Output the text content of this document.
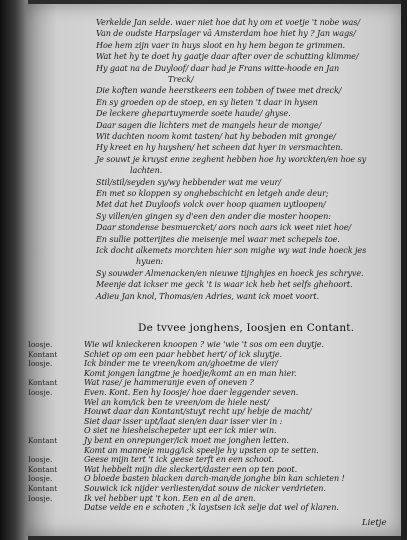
Verkelde Jan selde. waer niet hoe dat hy om et voetje 't nobe was/

Van de oudste Harpslager vā Amsterdam hoe hiet hy ? Jan wags/

Hoe hem zijn vaer in huys sloot en hy hem begon te grimmen.

Wat het hy te doet hy gaatje daar after over de schutting klimme/

Hy gaat na de Duyloof/ daar had je Frans witte-hoode en Jan

Treck/

Die koften wande heerstkeers een tobben of twee met dreck/

En sy groeden op de stoep, en sy lieten 't daar in hysen

De leckere ghepartuymerde soete haude/ ghyse.

Daar sagen die lichters met de mangels heur de monge/

Wit dachten noom komt tasten/ hat hy beboden mit gronge/

Hy kreet en hy huyshen/ het scheen dat hyer in versmachten.

Je souwt je kruyst enne zeghent hebben hoe hy worckten/en hoe sy

lachten.

Stil/stil/seyden sy/wy hebbender wat me veur/

En met so kloppen sy onghebschicht en letgeh ande deur;

Met dat het Duyloofs volck over hoop quamen uytloopen/

Sy villen/en gingen sy d'een den ander die moster hoopen:

Daar stondense besmuercket/ aors noch aars ick weet niet hoe/

En sullie potterijtes die meisenje mel waar met schepels toe.

Ick docht alkemets morchten hier son mighe wy wat inde hoeck jes

hyuen:

Sy souwder Almenacken/en nieuwe tijnghjes en hoeck jes schryve.

Meenje dat ickser me geck 't is waar ick heb het selfs ghehoort.

Adieu Jan knol, Thomas/en Adries, want ick moet voort.

De tvvee jonghens, Ioosjen en Contant.

Ioosje.	Wie wil knieckeren knoopen ? wie 'wie 't sos om een duytje.

Kontant	Schiet op om een paar hebbet hert/ of ick sluytje.

Ioosje.	Ick binder me te vreen/kom an/ghoetme de vier/

Komt jongen langtme je hoedje/komt an en man hier.

Kontant	Wat rase/ je hammeranje even of oneven ?

Ioosje.	Even. Kont. Een hy Ioosje/ hoe daer leggender seven.

Wel an kom/ick ben te vreen/om de hiele nest/

Houwt daar dan Kontant/stuyt recht up/ hebje de macht/

Siet daar isser upt/laat sien/en daar isser vier in :

O siet ne hieshelschepeter upt eer ick mier win.

Kontant	Jy bent en onrepunger/ick moet me jonghen letten.

Komt an manneje mugg/ick speelje hy upsten op te setten.

Ioosje.	Geese mijn tert 't ick geese terft en een schoot.

Kontant	Wat hebbelt mijn die sleckert/daster een op ten poot.

Ioosje.	O bloede basten blacken darch-man/de jonghe bin kan schieten !

Kontant	Souwick ick nijder verliesten/dat souw de nicker verdrieten.

Ioosje.	Ik vel hebber upt 't kon. Een en al de aren.

Datse velde en e schoten ,'k laystsen ick selje dat wel of klaren.

Lietje
